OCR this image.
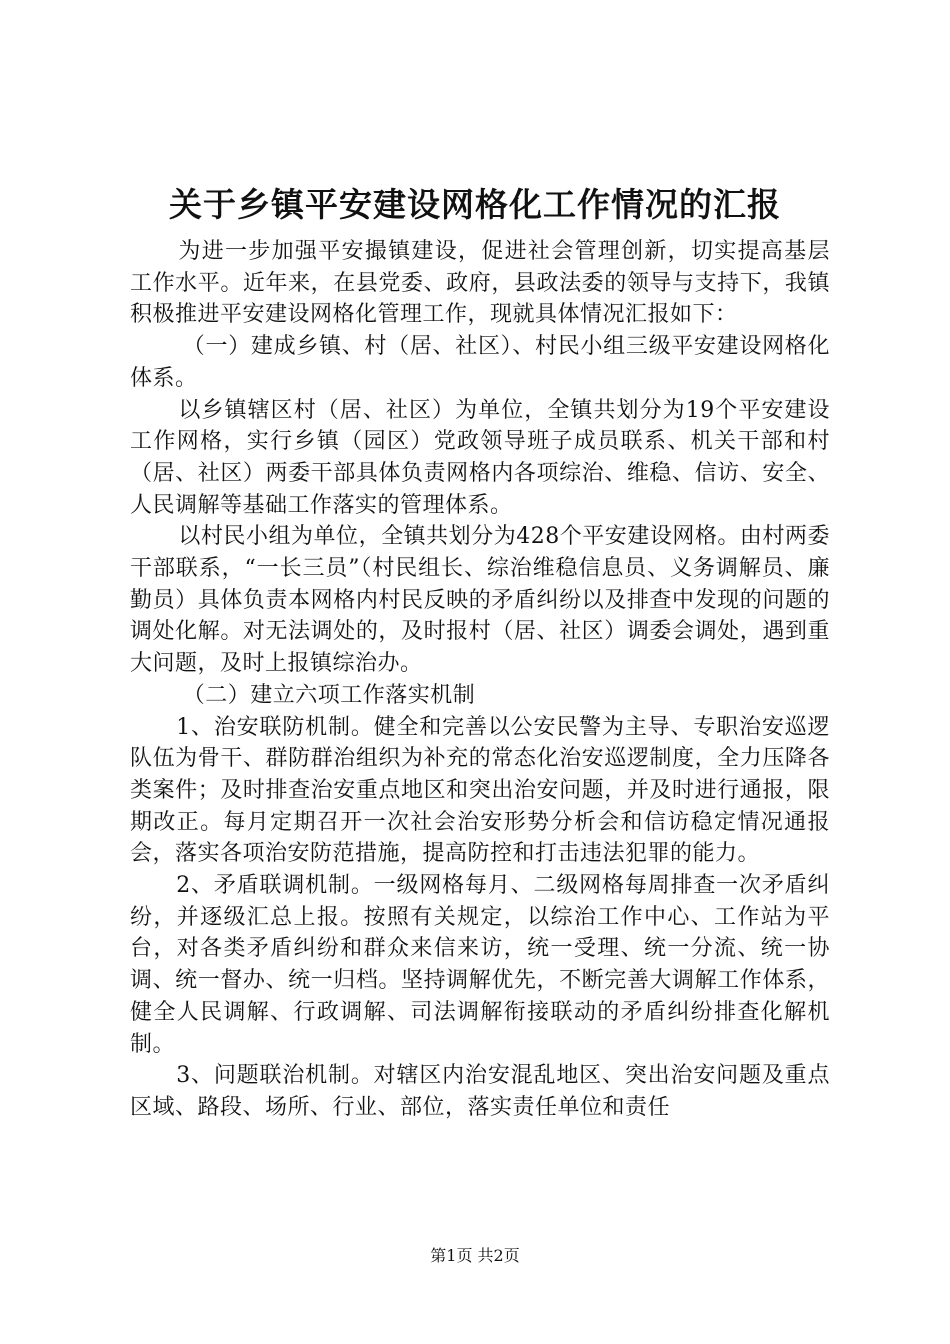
关于乡镇平安建设网格化工作情况的汇报

为进一步加强平安撮镇建设，促进社会管理创新，切实提高基层工作水平。近年来，在县党委、政府，县政法委的领导与支持下，我镇积极推进平安建设网格化管理工作，现就具体情况汇报如下：

（一）建成乡镇、村（居、社区）、村民小组三级平安建设网格化体系。

以乡镇辖区村（居、社区）为单位，全镇共划分为19个平安建设工作网格，实行乡镇（园区）党政领导班子成员联系、机关干部和村（居、社区）两委干部具体负责网格内各项综治、维稳、信访、安全、人民调解等基础工作落实的管理体系。

以村民小组为单位，全镇共划分为428个平安建设网格。由村两委干部联系，“一长三员”（村民组长、综治维稳信息员、义务调解员、廉勤员）具体负责本网格内村民反映的矛盾纠纷以及排查中发现的问题的调处化解。对无法调处的，及时报村（居、社区）调委会调处，遇到重大问题，及时上报镇综治办。

（二）建立六项工作落实机制

1、治安联防机制。健全和完善以公安民警为主导、专职治安巡逻队伍为骨干、群防群治组织为补充的常态化治安巡逻制度，全力压降各类案件；及时排查治安重点地区和突出治安问题，并及时进行通报，限期改正。每月定期召开一次社会治安形势分析会和信访稳定情况通报会，落实各项治安防范措施，提高防控和打击违法犯罪的能力。

2、矛盾联调机制。一级网格每月、二级网格每周排查一次矛盾纠纷，并逐级汇总上报。按照有关规定，以综治工作中心、工作站为平台，对各类矛盾纠纷和群众来信来访，统一受理、统一分流、统一协调、统一督办、统一归档。坚持调解优先，不断完善大调解工作体系，健全人民调解、行政调解、司法调解衔接联动的矛盾纠纷排查化解机制。

3、问题联治机制。对辖区内治安混乱地区、突出治安问题及重点区域、路段、场所、行业、部位，落实责任单位和责任

第1页 共2页
